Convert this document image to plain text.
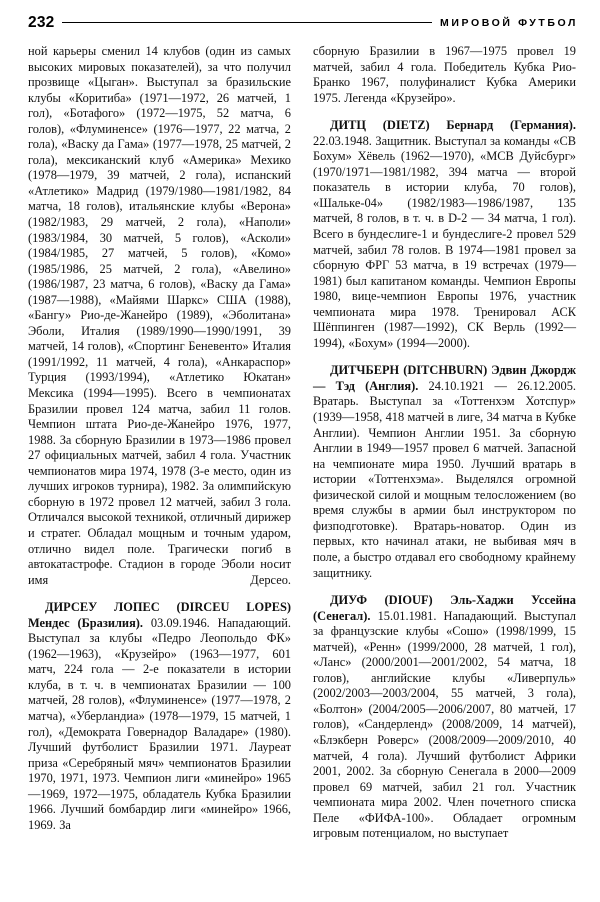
232	МИРОВОЙ ФУТБОЛ

ной карьеры сменил 14 клубов (один из самых высоких мировых показателей), за что получил прозвище «Цыган». Выступал за бразильские клубы «Коритиба» (1971—1972, 26 матчей, 1 гол), «Ботафого» (1972—1975, 52 матча, 6 голов), «Флуминенсе» (1976—1977, 22 матча, 2 гола), «Васку да Гама» (1977—1978, 25 матчей, 2 гола), мексиканский клуб «Америка» Мехико (1978—1979, 39 матчей, 2 гола), испанский «Атлетико» Мадрид (1979/1980—1981/1982, 84 матча, 18 голов), итальянские клубы «Верона» (1982/1983, 29 матчей, 2 гола), «Наполи» (1983/1984, 30 матчей, 5 голов), «Асколи» (1984/1985, 27 матчей, 5 голов), «Комо» (1985/1986, 25 матчей, 2 гола), «Авелино» (1986/1987, 23 матча, 6 голов), «Васку да Гама» (1987—1988), «Майями Шаркс» США (1988), «Бангу» Рио-де-Жанейро (1989), «Эболитана» Эболи, Италия (1989/1990—1990/1991, 39 матчей, 14 голов), «Спортинг Беневенто» Италия (1991/1992, 11 матчей, 4 гола), «Анкараспор» Турция (1993/1994), «Атлетико Юкатан» Мексика (1994—1995). Всего в чемпионатах Бразилии провел 124 матча, забил 11 голов. Чемпион штата Рио-де-Жанейро 1976, 1977, 1988. За сборную Бразилии в 1973—1986 провел 27 официальных матчей, забил 4 гола. Участник чемпионатов мира 1974, 1978 (3-е место, один из лучших игроков турнира), 1982. За олимпийскую сборную в 1972 провел 12 матчей, забил 3 гола. Отличался высокой техникой, отличный дирижер и стратег. Обладал мощным и точным ударом, отлично видел поле. Трагически погиб в автокатастрофе. Стадион в городе Эболи носит имя Дерсео.

ДИРСЕУ ЛОПЕС (DIRCEU LOPES) Мендес (Бразилия). 03.09.1946. Нападающий. Выступал за клубы «Педро Леопольдо ФК» (1962—1963), «Крузейро» (1963—1977, 601 матч, 224 гола — 2-е показатели в истории клуба, в т. ч. в чемпионатах Бразилии — 100 матчей, 28 голов), «Флуминенсе» (1977—1978, 2 матча), «Уберландиа» (1978—1979, 15 матчей, 1 гол), «Демократа Говернадор Валадаре» (1980). Лучший футболист Бразилии 1971. Лауреат приза «Серебряный мяч» чемпионатов Бразилии 1970, 1971, 1973. Чемпион лиги «минейро» 1965—1969, 1972—1975, обладатель Кубка Бразилии 1966. Лучший бомбардир лиги «минейро» 1966, 1969. За

сборную Бразилии в 1967—1975 провел 19 матчей, забил 4 гола. Победитель Кубка Рио-Бранко 1967, полуфиналист Кубка Америки 1975. Легенда «Крузейро».

ДИТЦ (DIETZ) Бернард (Германия). 22.03.1948. Защитник. Выступал за команды «СВ Бохум» Хёвель (1962—1970), «МСВ Дуйсбург» (1970/1971—1981/1982, 394 матча — второй показатель в истории клуба, 70 голов), «Шальке-04» (1982/1983—1986/1987, 135 матчей, 8 голов, в т. ч. в D-2 — 34 матча, 1 гол). Всего в бундеслиге-1 и бундеслиге-2 провел 529 матчей, забил 78 голов. В 1974—1981 провел за сборную ФРГ 53 матча, в 19 встречах (1979—1981) был капитаном команды. Чемпион Европы 1980, вице-чемпион Европы 1976, участник чемпионата мира 1978. Тренировал АСК Шёппинген (1987—1992), СК Верль (1992—1994), «Бохум» (1994—2000).

ДИТЧБЕРН (DITCHBURN) Эдвин Джордж — Тэд (Англия). 24.10.1921 — 26.12.2005. Вратарь. Выступал за «Тоттенхэм Хотспур» (1939—1958, 418 матчей в лиге, 34 матча в Кубке Англии). Чемпион Англии 1951. За сборную Англии в 1949—1957 провел 6 матчей. Запасной на чемпионате мира 1950. Лучший вратарь в истории «Тоттенхэма». Выделялся огромной физической силой и мощным телосложением (во время службы в армии был инструктором по физподготовке). Вратарь-новатор. Один из первых, кто начинал атаки, не выбивая мяч в поле, а быстро отдавал его свободному крайнему защитнику.

ДИУФ (DIOUF) Эль-Хаджи Уссейна (Сенегал). 15.01.1981. Нападающий. Выступал за французские клубы «Сошо» (1998/1999, 15 матчей), «Ренн» (1999/2000, 28 матчей, 1 гол), «Ланс» (2000/2001—2001/2002, 54 матча, 18 голов), английские клубы «Ливерпуль» (2002/2003—2003/2004, 55 матчей, 3 гола), «Болтон» (2004/2005—2006/2007, 80 матчей, 17 голов), «Сандерленд» (2008/2009, 14 матчей), «Блэкберн Роверс» (2008/2009—2009/2010, 40 матчей, 4 гола). Лучший футболист Африки 2001, 2002. За сборную Сенегала в 2000—2009 провел 69 матчей, забил 21 гол. Участник чемпионата мира 2002. Член почетного списка Пеле «ФИФА-100». Обладает огромным игровым потенциалом, но выступает
